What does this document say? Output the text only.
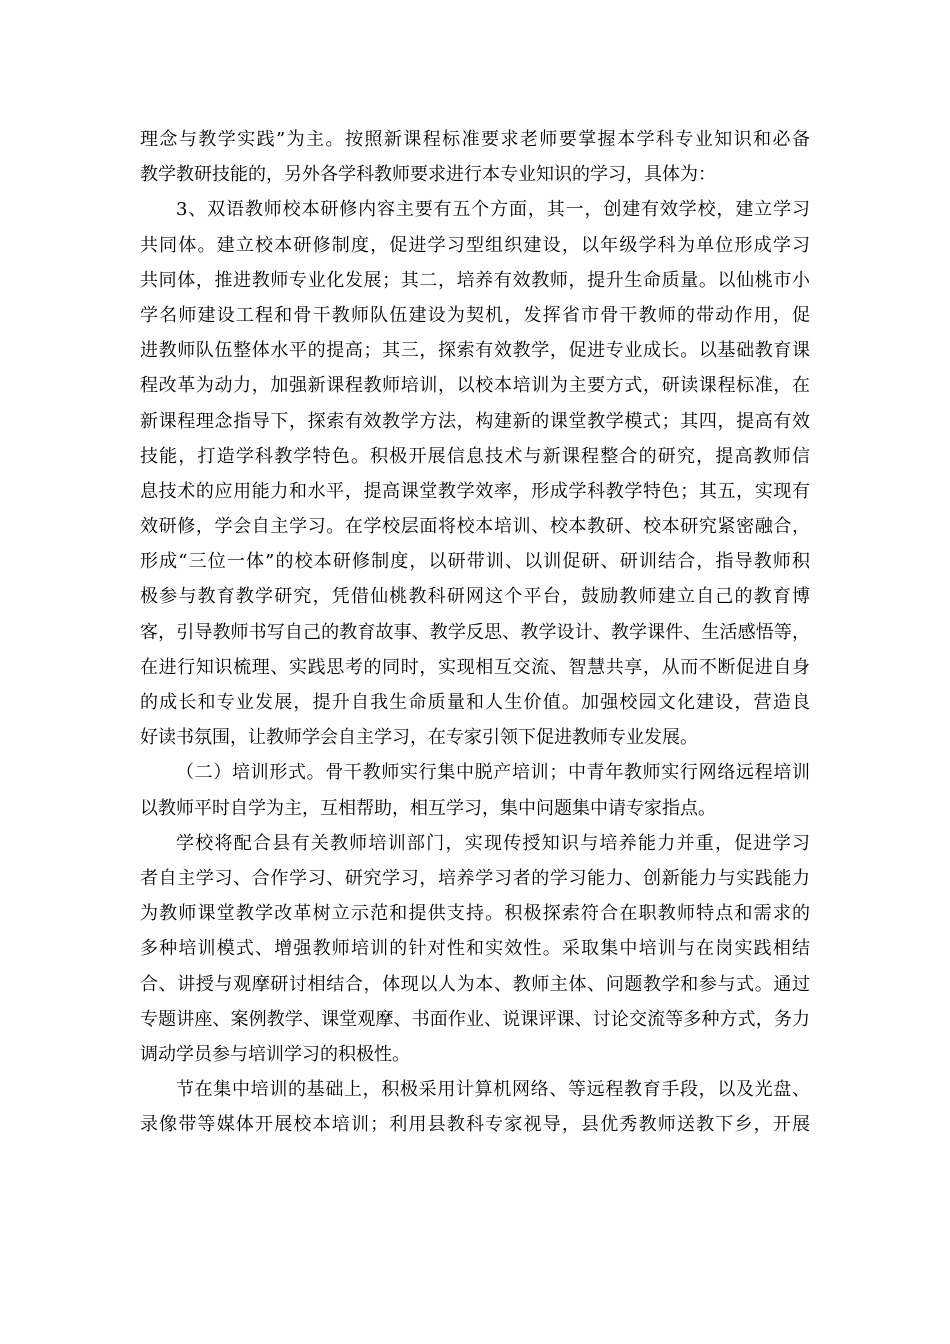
理念与教学实践”为主。按照新课程标准要求老师要掌握本学科专业知识和必备
教学教研技能的，另外各学科教师要求进行本专业知识的学习，具体为：
3、双语教师校本研修内容主要有五个方面，其一，创建有效学校，建立学习
共同体。建立校本研修制度，促进学习型组织建设，以年级学科为单位形成学习
共同体，推进教师专业化发展；其二，培养有效教师，提升生命质量。以仙桃市小
学名师建设工程和骨干教师队伍建设为契机，发挥省市骨干教师的带动作用，促
进教师队伍整体水平的提高；其三，探索有效教学，促进专业成长。以基础教育课
程改革为动力，加强新课程教师培训，以校本培训为主要方式，研读课程标准，在
新课程理念指导下，探索有效教学方法，构建新的课堂教学模式；其四，提高有效
技能，打造学科教学特色。积极开展信息技术与新课程整合的研究，提高教师信
息技术的应用能力和水平，提高课堂教学效率，形成学科教学特色；其五，实现有
效研修，学会自主学习。在学校层面将校本培训、校本教研、校本研究紧密融合，
形成“三位一体”的校本研修制度，以研带训、以训促研、研训结合，指导教师积
极参与教育教学研究，凭借仙桃教科研网这个平台，鼓励教师建立自己的教育博
客，引导教师书写自己的教育故事、教学反思、教学设计、教学课件、生活感悟等，
在进行知识梳理、实践思考的同时，实现相互交流、智慧共享，从而不断促进自身
的成长和专业发展，提升自我生命质量和人生价值。加强校园文化建设，营造良
好读书氛围，让教师学会自主学习，在专家引领下促进教师专业发展。
（二）培训形式。骨干教师实行集中脱产培训；中青年教师实行网络远程培训
以教师平时自学为主，互相帮助，相互学习，集中问题集中请专家指点。
学校将配合县有关教师培训部门，实现传授知识与培养能力并重，促进学习
者自主学习、合作学习、研究学习，培养学习者的学习能力、创新能力与实践能力
为教师课堂教学改革树立示范和提供支持。积极探索符合在职教师特点和需求的
多种培训模式、增强教师培训的针对性和实效性。采取集中培训与在岗实践相结
合、讲授与观摩研讨相结合，体现以人为本、教师主体、问题教学和参与式。通过
专题讲座、案例教学、课堂观摩、书面作业、说课评课、讨论交流等多种方式，务力
调动学员参与培训学习的积极性。
节在集中培训的基础上，积极采用计算机网络、等远程教育手段，以及光盘、
录像带等媒体开展校本培训；利用县教科专家视导，县优秀教师送教下乡，开展
